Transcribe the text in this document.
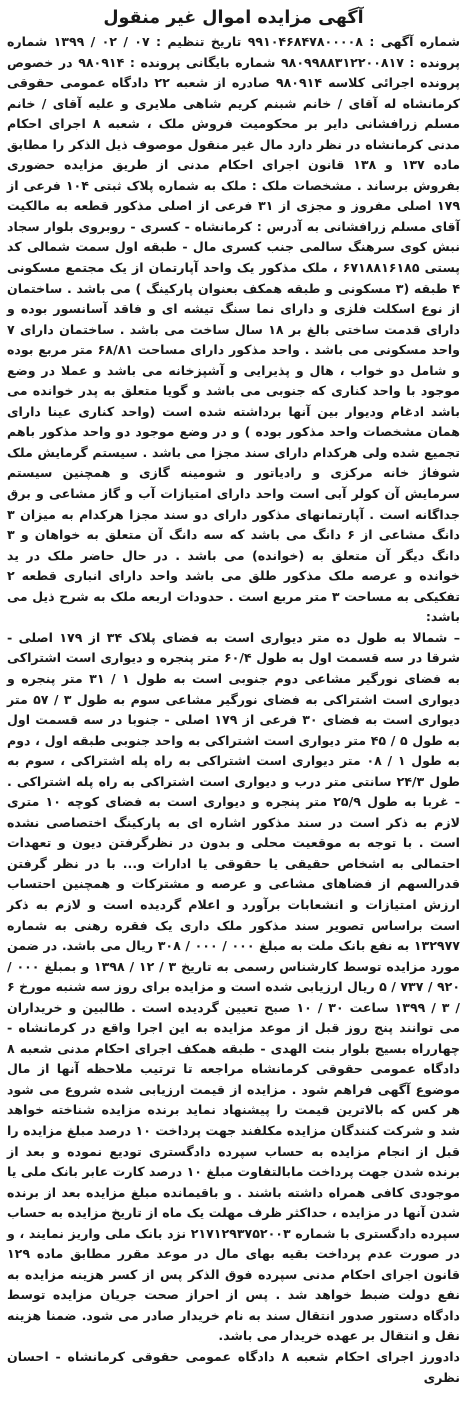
آگهی مزایده اموال غیر منقول

شماره آگهی : ۹۹۱۰۴۶۸۴۷۸۰۰۰۰۸ تاریخ تنظیم : ۰۷ / ۰۲ / ۱۳۹۹ شماره پرونده : ۹۸۰۹۹۸۸۳۱۲۲۰۰۸۱۷ شماره بایگانی پرونده : ۹۸۰۹۱۴ در خصوص پرونده اجرائی کلاسه ۹۸۰۹۱۴ صادره از شعبه ۲۲ دادگاه عمومی حقوقی کرمانشاه له آقای / خانم شبنم کریم شاهی ملایری و علیه آقای / خانم مسلم زرافشانی دایر بر محکومیت فروش ملک ، شعبه ۸ اجرای احکام مدنی کرمانشاه در نظر دارد مال غیر منقول موصوف ذیل الذکر را مطابق ماده ۱۳۷ و ۱۳۸ قانون اجرای احکام مدنی از طریق مزایده حضوری بفروش برساند . مشخصات ملک : ملک به شماره پلاک ثبتی ۱۰۴ فرعی از ۱۷۹ اصلی مفروز و مجزی از ۳۱ فرعی از اصلی مذکور قطعه به مالکیت آقای مسلم زرافشانی به آدرس : کرمانشاه - کسری - روبروی بلوار سجاد نبش کوی سرهنگ سالمی جنب کسری مال - طبقه اول سمت شمالی کد پستی ۶۷۱۸۸۱۶۱۸۵ ، ملک مذکور یک واحد آپارتمان از یک مجتمع مسکونی ۴ طبقه (۳ مسکونی و طبقه همکف بعنوان پارکینگ ) می باشد . ساختمان از نوع اسکلت فلزی و دارای نما سنگ تیشه ای و فاقد آسانسور بوده و دارای قدمت ساختی بالغ بر ۱۸ سال ساخت می باشد . ساختمان دارای ۷ واحد مسکونی می باشد . واحد مذکور دارای مساحت ۶۸/۸۱ متر مربع بوده و شامل دو خواب ، هال و پذیرایی و آشپزخانه می باشد و عملا در وضع موجود با واحد کناری که جنوبی می باشد و گویا متعلق به پدر خوانده می باشد ادغام ودیوار بین آنها برداشته شده است (واحد کناری عینا دارای همان مشخصات واحد مذکور بوده ) و در وضع موجود دو واحد مذکور باهم تجمیع شده ولی هرکدام دارای سند مجزا می باشد . سیستم گرمایش ملک شوفاژ خانه مرکزی و رادیاتور و شومینه گازی و همچنین سیستم سرمایش آن کولر آبی است واحد دارای امتیازات آب و گاز مشاعی و برق جداگانه است . آپارتمانهای مذکور دارای دو سند مجزا هرکدام به میزان ۳ دانگ مشاعی از ۶ دانگ می باشد که سه دانگ آن متعلق به خواهان و ۳ دانگ دیگر آن متعلق به (خوانده) می باشد . در حال حاضر ملک در ید خوانده و عرصه ملک مذکور طلق می باشد واحد دارای انباری قطعه ۲ تفکیکی به مساحت ۳ متر مربع است . حدودات اربعه ملک به شرح ذیل می باشد:

– شمالا به طول ده متر دیواری است به فضای پلاک ۳۴ از ۱۷۹ اصلی - شرقا در سه قسمت اول به طول ۶۰/۴ متر پنجره و دیواری است اشتراکی به فضای نورگیر مشاعی دوم جنوبی است به طول ۱ / ۳۱ متر پنجره و دیواری است اشتراکی به فضای نورگیر مشاعی سوم به طول ۳ / ۵۷ متر دیواری است به فضای ۳۰ فرعی از ۱۷۹ اصلی - جنوبا در سه قسمت اول به طول ۵ / ۴۵ متر دیواری است اشتراکی به واحد جنوبی طبقه اول ، دوم به طول ۱ / ۰۸ متر دیواری است اشتراکی به راه پله اشتراکی ، سوم به طول ۲۴/۳ سانتی متر درب و دیواری است اشتراکی به راه پله اشتراکی . - غربا به طول ۲۵/۹ متر پنجره و دیواری است به فضای کوچه ۱۰ متری لازم به ذکر است در سند مذکور اشاره ای به پارکینگ اختصاصی نشده است . با توجه به موقعیت محلی و بدون در نظرگرفتن دیون و تعهدات احتمالی به اشخاص حقیقی یا حقوقی یا ادارات و... با در نظر گرفتن قدرالسهم از فضاهای مشاعی و عرصه و مشترکات و همچنین احتساب ارزش امتیازات و انشعابات برآورد و اعلام گردیده است و لازم به ذکر است براساس تصویر سند مذکور ملک داری یک فقره رهنی به شماره ۱۳۲۹۷۷ به نفع بانک ملت به مبلغ ۰۰۰ / ۰۰۰ / ۳۰۸ ریال می باشد. در ضمن مورد مزایده توسط کارشناس رسمی به تاریخ ۳ / ۱۲ / ۱۳۹۸ و بمبلغ ۰۰۰ / ۹۲۰ / ۷۳۷ / ۵ ریال ارزیابی شده است و مزایده برای روز سه شنبه مورخ ۶ / ۳ / ۱۳۹۹ ساعت ۳۰ / ۱۰ صبح تعیین گردیده است . طالبین و خریداران می توانند پنج روز قبل از موعد مزایده به این اجرا واقع در کرمانشاه - چهارراه بسیج بلوار بنت الهدی - طبقه همکف اجرای احکام مدنی شعبه ۸ دادگاه عمومی حقوقی کرمانشاه مراجعه تا ترتیب ملاحظه آنها از مال موضوع آگهی فراهم شود . مزایده از قیمت ارزیابی شده شروع می شود هر کس که بالاترین قیمت را پیشنهاد نماید برنده مزایده شناخته خواهد شد و شرکت کنندگان مزایده مکلفند جهت پرداخت ۱۰ درصد مبلغ مزایده را قبل از انجام مزایده به حساب سپرده دادگستری تودیع نموده و بعد از برنده شدن جهت پرداخت مابالتفاوت مبلغ ۱۰ درصد کارت عابر بانک ملی یا موجودی کافی همراه داشته باشند . و باقیمانده مبلغ مزایده بعد از برنده شدن آنها در مزایده ، حداکثر ظرف مهلت یک ماه از تاریخ مزایده به حساب سپرده دادگستری با شماره ۲۱۷۱۲۹۳۷۵۲۰۰۳ نزد بانک ملی واریز نمایند ، و در صورت عدم پرداخت بقیه بهای مال در موعد مقرر مطابق ماده ۱۲۹ قانون اجرای احکام مدنی سپرده فوق الذکر پس از کسر هزینه مزایده به نفع دولت ضبط خواهد شد . پس از احراز صحت جریان مزایده توسط دادگاه دستور صدور انتقال سند به نام خریدار صادر می شود. ضمنا هزینه نقل و انتقال بر عهده خریدار می باشد.

دادورز اجرای احکام شعبه ۸ دادگاه عمومی حقوقی کرمانشاه - احسان نظری
